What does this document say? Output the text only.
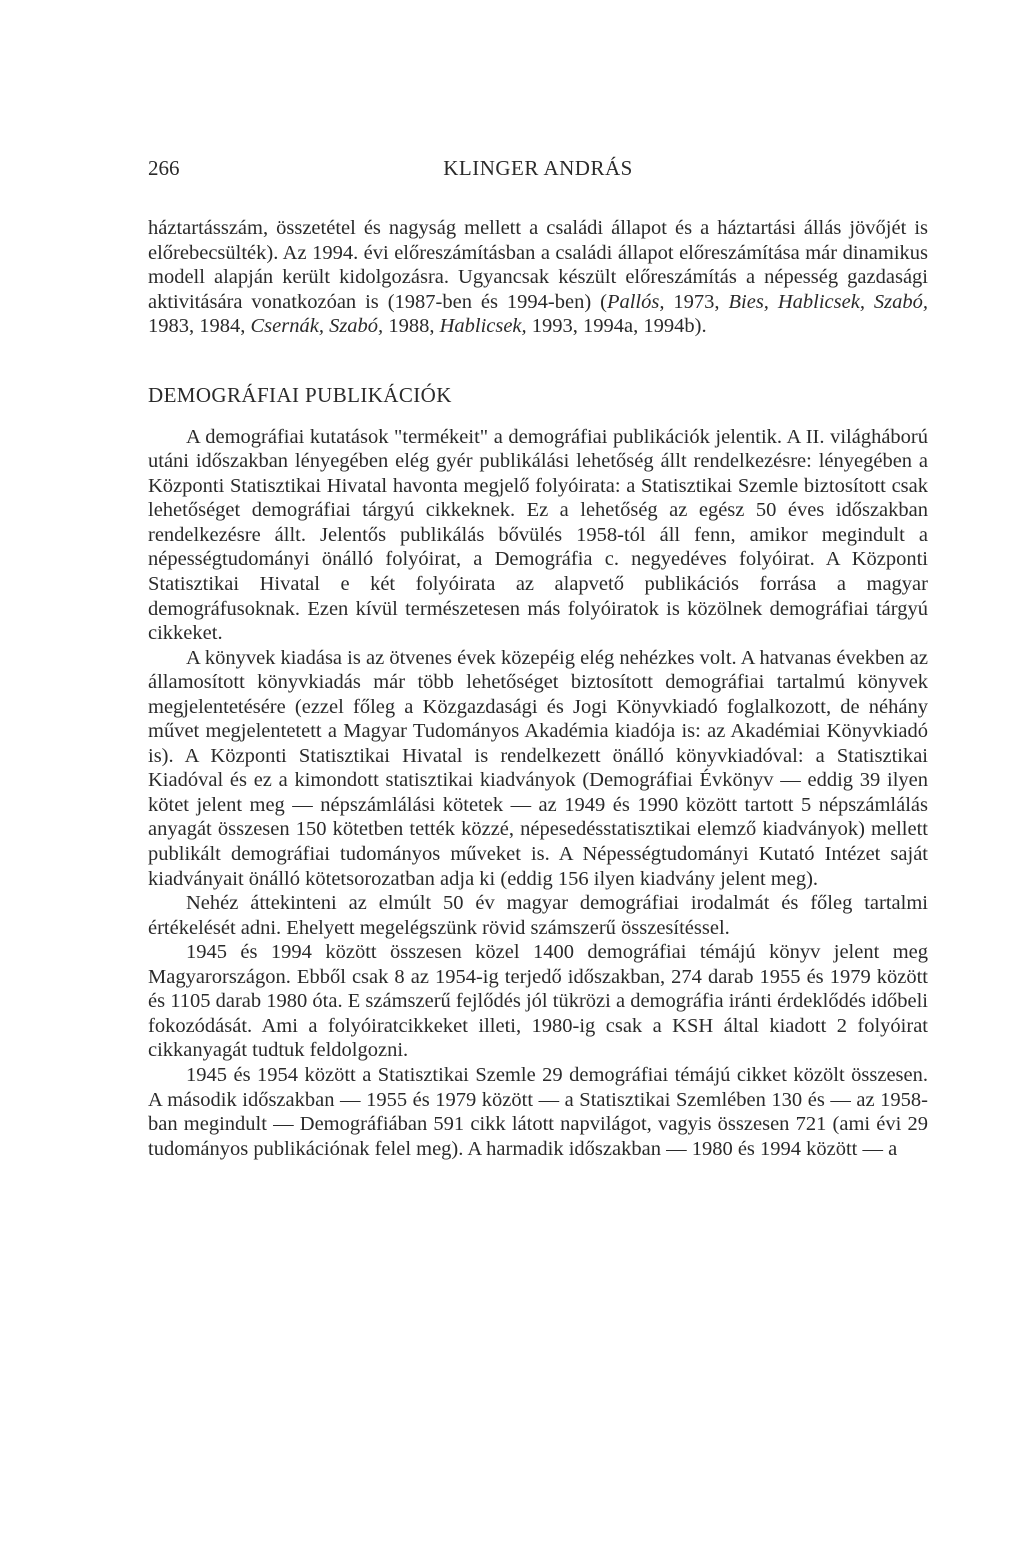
266	KLINGER ANDRÁS

háztartásszám, összetétel és nagyság mellett a családi állapot és a háztartási állás jövőjét is előrebecsülték). Az 1994. évi előreszámításban a családi állapot előreszámítása már dinamikus modell alapján került kidolgozásra. Ugyancsak készült előreszámítás a népesség gazdasági aktivitására vonatkozóan is (1987-ben és 1994-ben) (Pallós, 1973, Bies, Hablicsek, Szabó, 1983, 1984, Csernák, Szabó, 1988, Hablicsek, 1993, 1994a, 1994b).

DEMOGRÁFIAI PUBLIKÁCIÓK

A demográfiai kutatások "termékeit" a demográfiai publikációk jelentik. A II. világháború utáni időszakban lényegében elég gyér publikálási lehetőség állt rendelkezésre: lényegében a Központi Statisztikai Hivatal havonta megjelő folyóirata: a Statisztikai Szemle biztosított csak lehetőséget demográfiai tárgyú cikkeknek. Ez a lehetőség az egész 50 éves időszakban rendelkezésre állt. Jelentős publikálás bővülés 1958-tól áll fenn, amikor megindult a népességtudományi önálló folyóirat, a Demográfia c. negyedéves folyóirat. A Központi Statisztikai Hivatal e két folyóirata az alapvető publikációs forrása a magyar demográfusoknak. Ezen kívül természetesen más folyóiratok is közölnek demográfiai tárgyú cikkeket.

A könyvek kiadása is az ötvenes évek közepéig elég nehézkes volt. A hatvanas években az államosított könyvkiadás már több lehetőséget biztosított demográfiai tartalmú könyvek megjelentetésére (ezzel főleg a Közgazdasági és Jogi Könyvkiadó foglalkozott, de néhány művet megjelentetett a Magyar Tudományos Akadémia kiadója is: az Akadémiai Könyvkiadó is). A Központi Statisztikai Hivatal is rendelkezett önálló könyvkiadóval: a Statisztikai Kiadóval és ez a kimondott statisztikai kiadványok (Demográfiai Évkönyv — eddig 39 ilyen kötet jelent meg — népszámlálási kötetek — az 1949 és 1990 között tartott 5 népszámlálás anyagát összesen 150 kötetben tették közzé, népesedésstatisztikai elemző kiadványok) mellett publikált demográfiai tudományos műveket is. A Népességtudományi Kutató Intézet saját kiadványait önálló kötetsorozatban adja ki (eddig 156 ilyen kiadvány jelent meg).

Nehéz áttekinteni az elmúlt 50 év magyar demográfiai irodalmát és főleg tartalmi értékelését adni. Ehelyett megelégszünk rövid számszerű összesítéssel.

1945 és 1994 között összesen közel 1400 demográfiai témájú könyv jelent meg Magyarországon. Ebből csak 8 az 1954-ig terjedő időszakban, 274 darab 1955 és 1979 között és 1105 darab 1980 óta. E számszerű fejlődés jól tükrözi a demográfia iránti érdeklődés időbeli fokozódását. Ami a folyóiratcikkeket illeti, 1980-ig csak a KSH által kiadott 2 folyóirat cikkanyagát tudtuk feldolgozni.

1945 és 1954 között a Statisztikai Szemle 29 demográfiai témájú cikket közölt összesen. A második időszakban — 1955 és 1979 között — a Statisztikai Szemlében 130 és — az 1958-ban megindult — Demográfiában 591 cikk látott napvilágot, vagyis összesen 721 (ami évi 29 tudományos publikációnak felel meg). A harmadik időszakban — 1980 és 1994 között — a
